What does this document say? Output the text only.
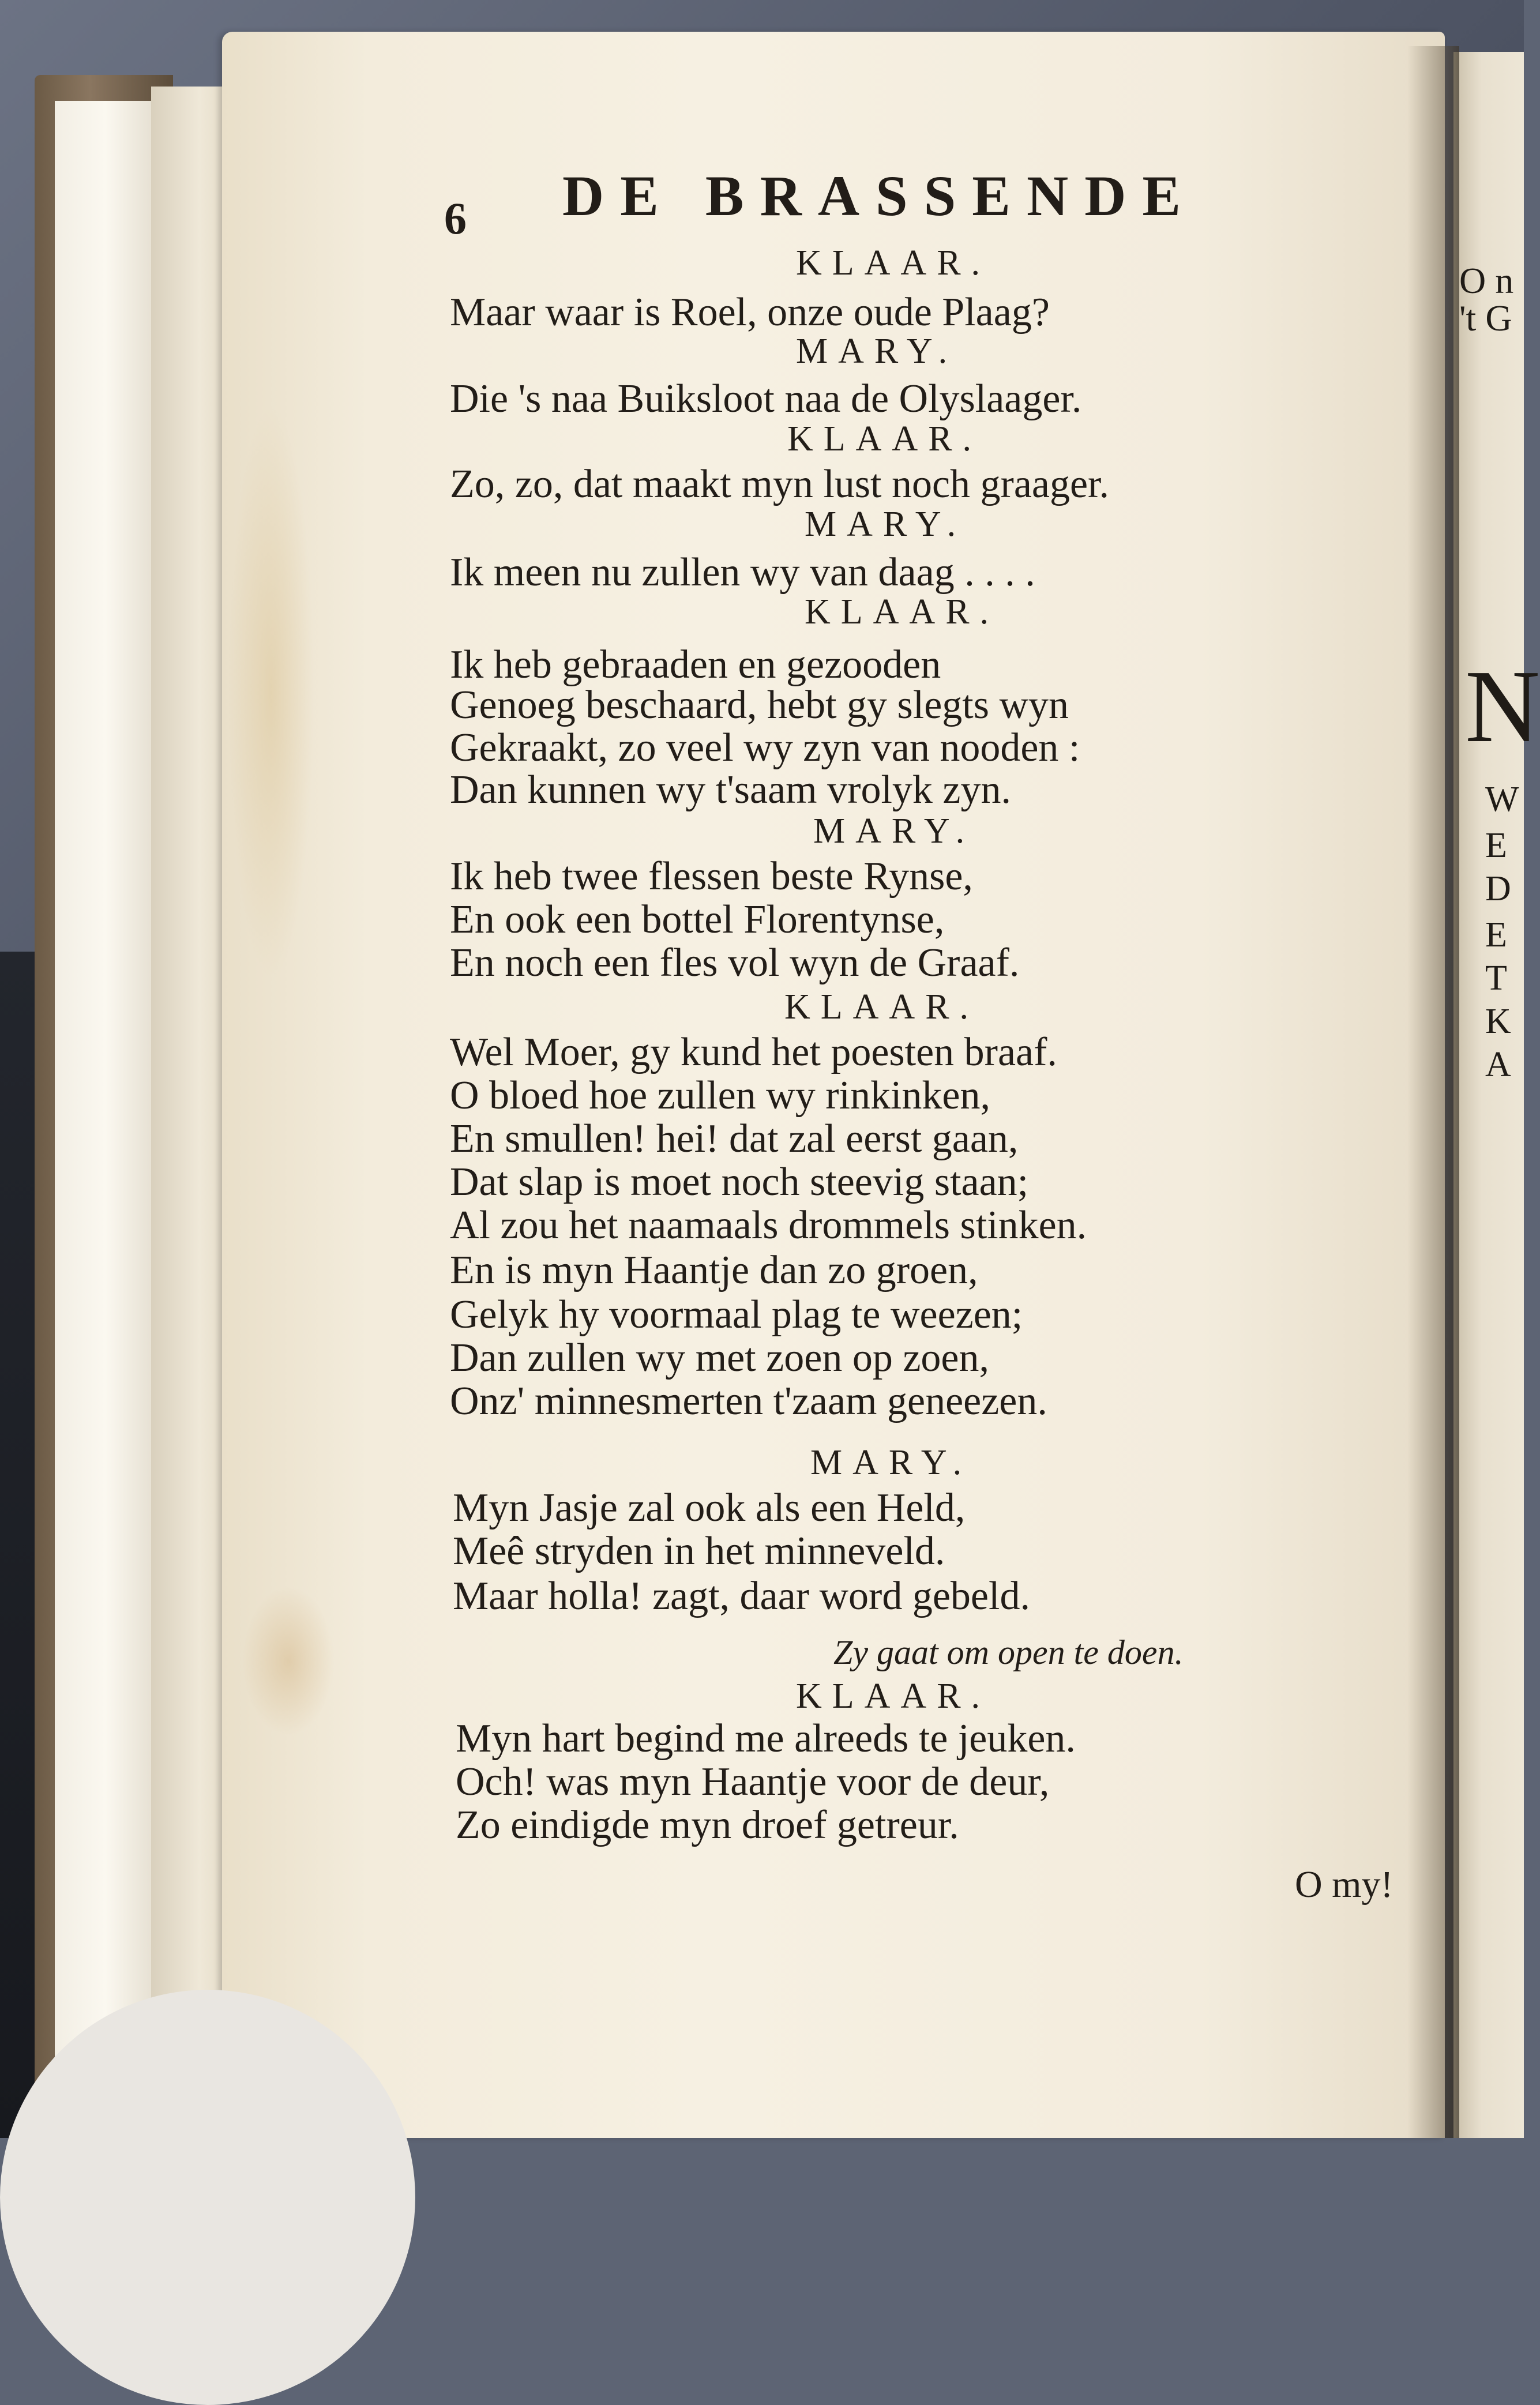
O n
't G
N
W
E
D
E
T
K
A

6 DE BRASSENDE

KLAAR.

Maar waar is Roel, onze oude Plaag?

MARY.

Die 's naa Buiksloot naa de Olyslaager.

KLAAR.

Zo, zo, dat maakt myn lust noch graager.

MARY.

Ik meen nu zullen wy van daag . . . .

KLAAR.

Ik heb gebraaden en gezooden

Genoeg beschaard, hebt gy slegts wyn

Gekraakt, zo veel wy zyn van nooden :

Dan kunnen wy t'saam vrolyk zyn.

MARY.

Ik heb twee flessen beste Rynse,

En ook een bottel Florentynse,

En noch een fles vol wyn de Graaf.

KLAAR.

Wel Moer, gy kund het poesten braaf.

O bloed hoe zullen wy rinkinken,

En smullen! hei! dat zal eerst gaan,

Dat slap is moet noch steevig staan;

Al zou het naamaals drommels stinken.

En is myn Haantje dan zo groen,

Gelyk hy voormaal plag te weezen;

Dan zullen wy met zoen op zoen,

Onz' minnesmerten t'zaam geneezen.

MARY.

Myn Jasje zal ook als een Held,

Meê stryden in het minneveld.

Maar holla! zagt, daar word gebeld.

Zy gaat om open te doen.

KLAAR.

Myn hart begind me alreeds te jeuken.

Och! was myn Haantje voor de deur,

Zo eindigde myn droef getreur.

O my!
